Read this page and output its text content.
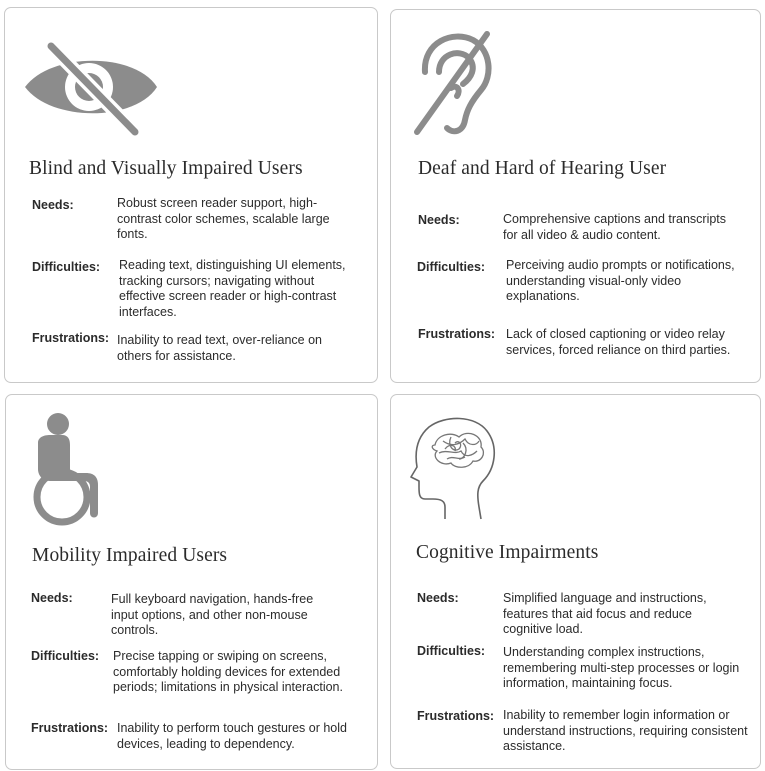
Blind and Visually Impaired Users
Needs:	Robust screen reader support, high-contrast color schemes, scalable large fonts.
Difficulties: Reading text, distinguishing UI elements, tracking cursors; navigating without effective screen reader or high-contrast interfaces.
Frustrations: Inability to read text, over-reliance on others for assistance.
Deaf and Hard of Hearing User
Needs:	Comprehensive captions and transcripts for all video & audio content.
Difficulties: Perceiving audio prompts or notifications, understanding visual-only video explanations.
Frustrations: Lack of closed captioning or video relay services, forced reliance on third parties.
Mobility Impaired Users
Needs:	Full keyboard navigation, hands-free input options, and other non-mouse controls.
Difficulties: Precise tapping or swiping on screens, comfortably holding devices for extended periods; limitations in physical interaction.
Frustrations: Inability to perform touch gestures or hold devices, leading to dependency.
Cognitive Impairments
Needs:	Simplified language and instructions, features that aid focus and reduce cognitive load.
Difficulties: Understanding complex instructions, remembering multi-step processes or login information, maintaining focus.
Frustrations: Inability to remember login information or understand instructions, requiring consistent assistance.
